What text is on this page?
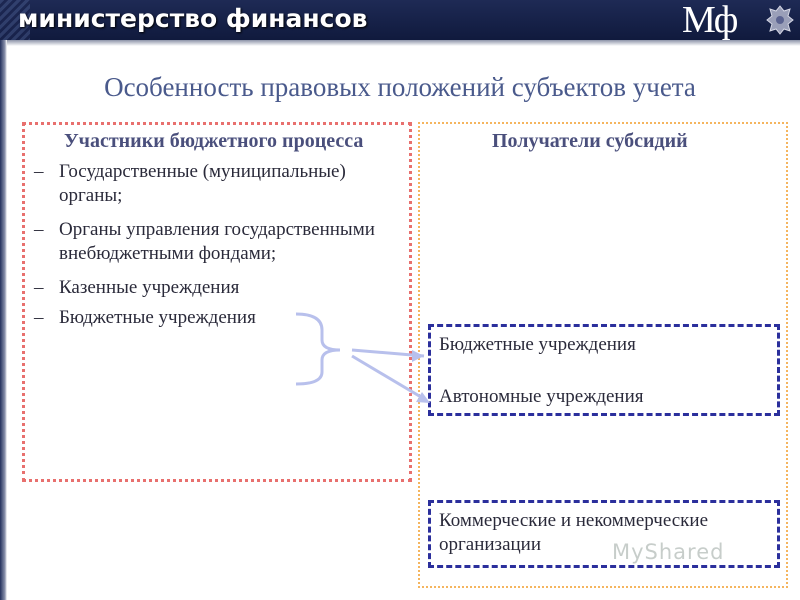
министерство финансов	Мф
Особенность правовых положений субъектов учета
Участники бюджетного процесса	Получатели субсидий
– Государственные (муниципальные) органы;
– Органы управления государственными внебюджетными фондами;
– Казенные учреждения
– Бюджетные учреждения
Бюджетные учреждения
Автономные учреждения
Коммерческие и некоммерческие организации	MyShared
